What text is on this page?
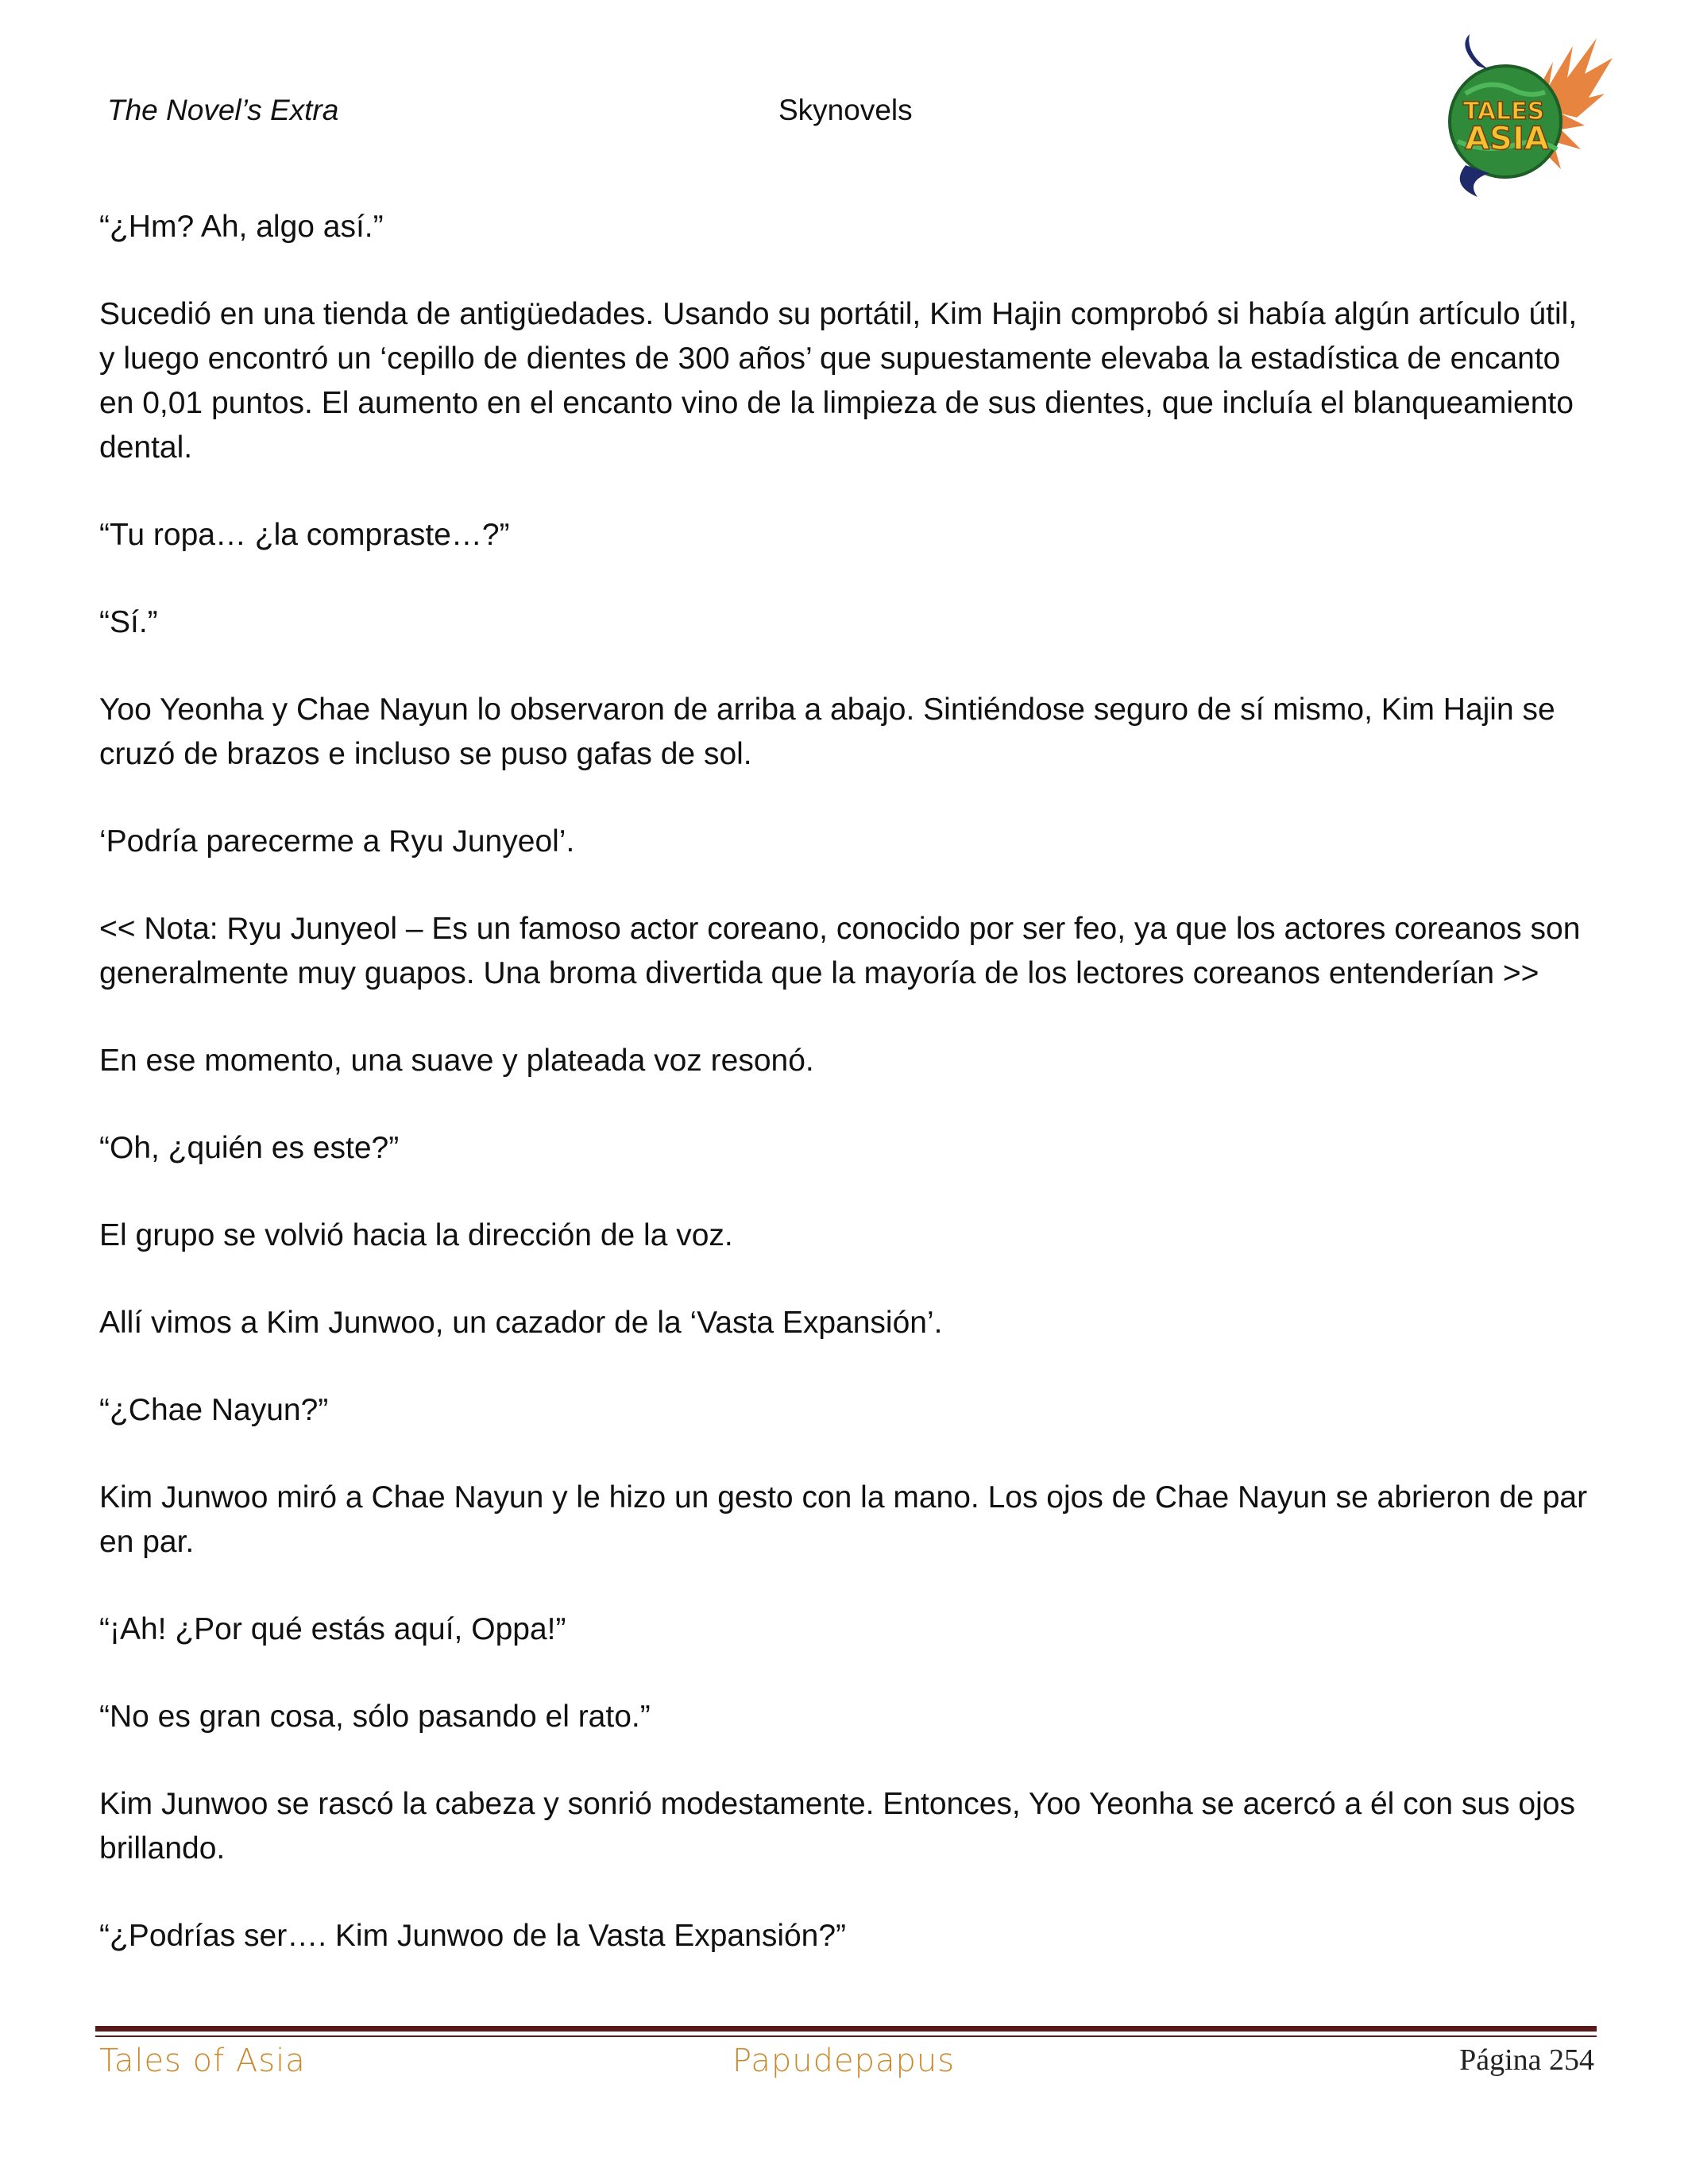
The Novel’s Extra	Skynovels	TALES
ASIA

“¿Hm? Ah, algo así.”

Sucedió en una tienda de antigüedades. Usando su portátil, Kim Hajin comprobó si había algún artículo útil, y luego encontró un ‘cepillo de dientes de 300 años’ que supuestamente elevaba la estadística de encanto en 0,01 puntos. El aumento en el encanto vino de la limpieza de sus dientes, que incluía el blanqueamiento dental.

“Tu ropa… ¿la compraste…?”

“Sí.”

Yoo Yeonha y Chae Nayun lo observaron de arriba a abajo. Sintiéndose seguro de sí mismo, Kim Hajin se cruzó de brazos e incluso se puso gafas de sol.

‘Podría parecerme a Ryu Junyeol’.

<< Nota: Ryu Junyeol – Es un famoso actor coreano, conocido por ser feo, ya que los actores coreanos son generalmente muy guapos. Una broma divertida que la mayoría de los lectores coreanos entenderían >>

En ese momento, una suave y plateada voz resonó.

“Oh, ¿quién es este?”

El grupo se volvió hacia la dirección de la voz.

Allí vimos a Kim Junwoo, un cazador de la ‘Vasta Expansión’.

“¿Chae Nayun?”

Kim Junwoo miró a Chae Nayun y le hizo un gesto con la mano. Los ojos de Chae Nayun se abrieron de par en par.

“¡Ah! ¿Por qué estás aquí, Oppa!”

“No es gran cosa, sólo pasando el rato.”

Kim Junwoo se rascó la cabeza y sonrió modestamente. Entonces, Yoo Yeonha se acercó a él con sus ojos brillando.

“¿Podrías ser…. Kim Junwoo de la Vasta Expansión?”

Tales of Asia	Papudepapus	Página 254
